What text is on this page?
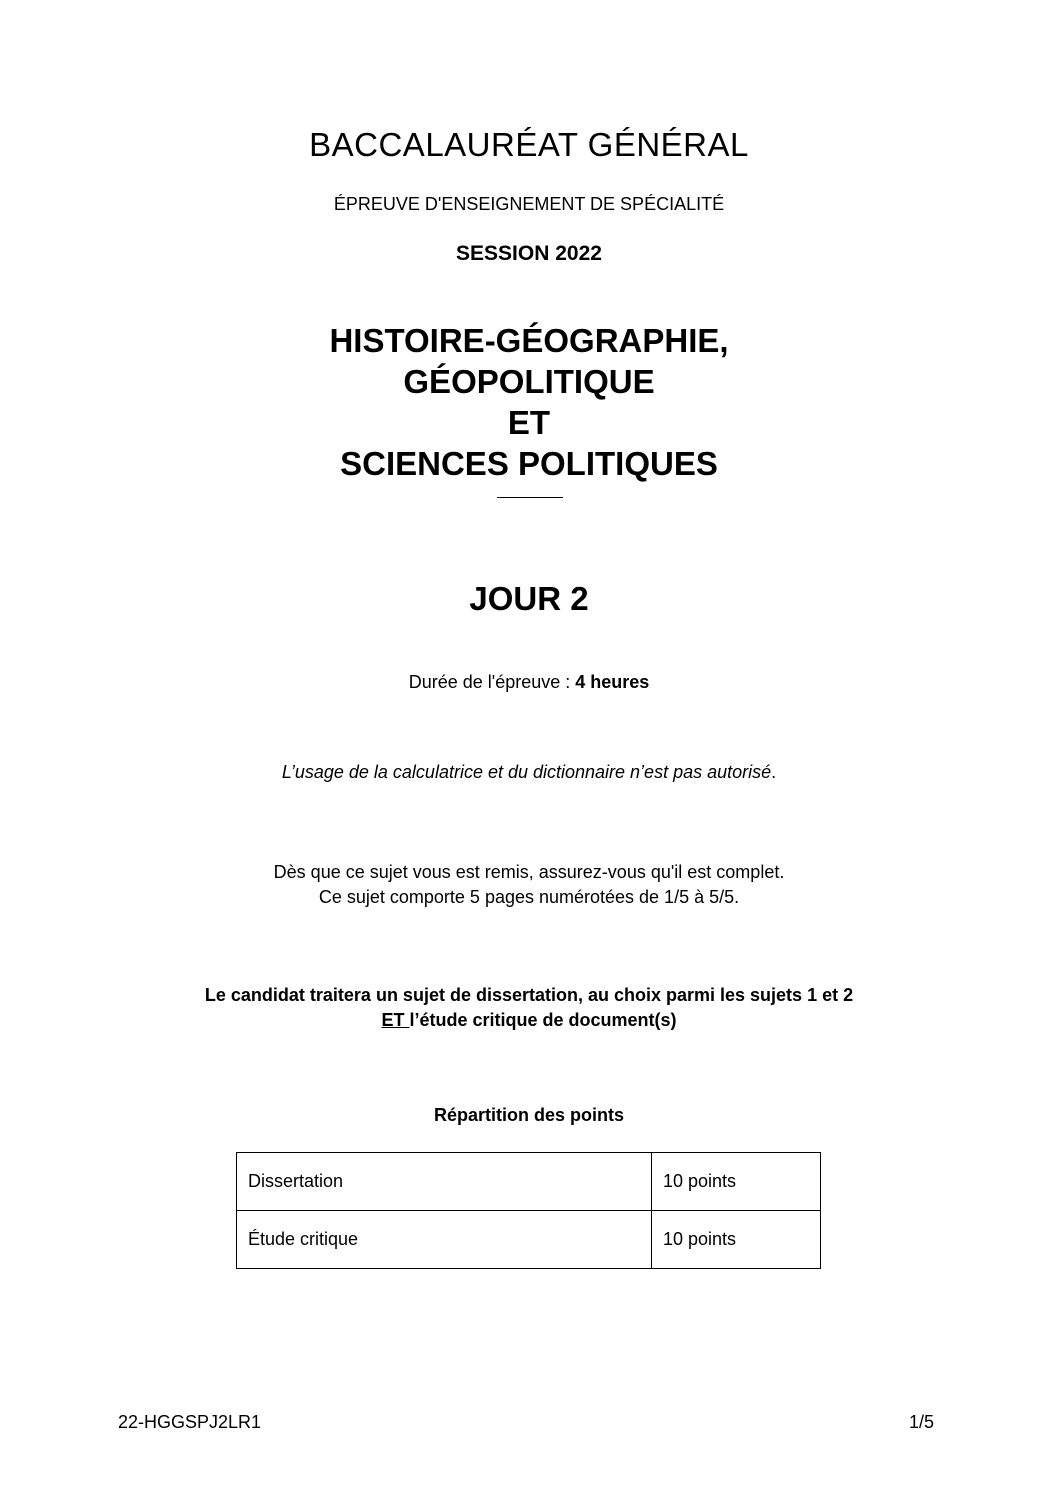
BACCALAURÉAT GÉNÉRAL
ÉPREUVE D'ENSEIGNEMENT DE SPÉCIALITÉ
SESSION 2022
HISTOIRE-GÉOGRAPHIE,
GÉOPOLITIQUE
ET
SCIENCES POLITIQUES
JOUR 2
Durée de l'épreuve : 4 heures
L’usage de la calculatrice et du dictionnaire n’est pas autorisé.
Dès que ce sujet vous est remis, assurez-vous qu'il est complet.
Ce sujet comporte 5 pages numérotées de 1/5 à 5/5.
Le candidat traitera un sujet de dissertation, au choix parmi les sujets 1 et 2
ET l’étude critique de document(s)
Répartition des points
Dissertation	10 points
Étude critique	10 points
22-HGGSPJ2LR1	1/5
